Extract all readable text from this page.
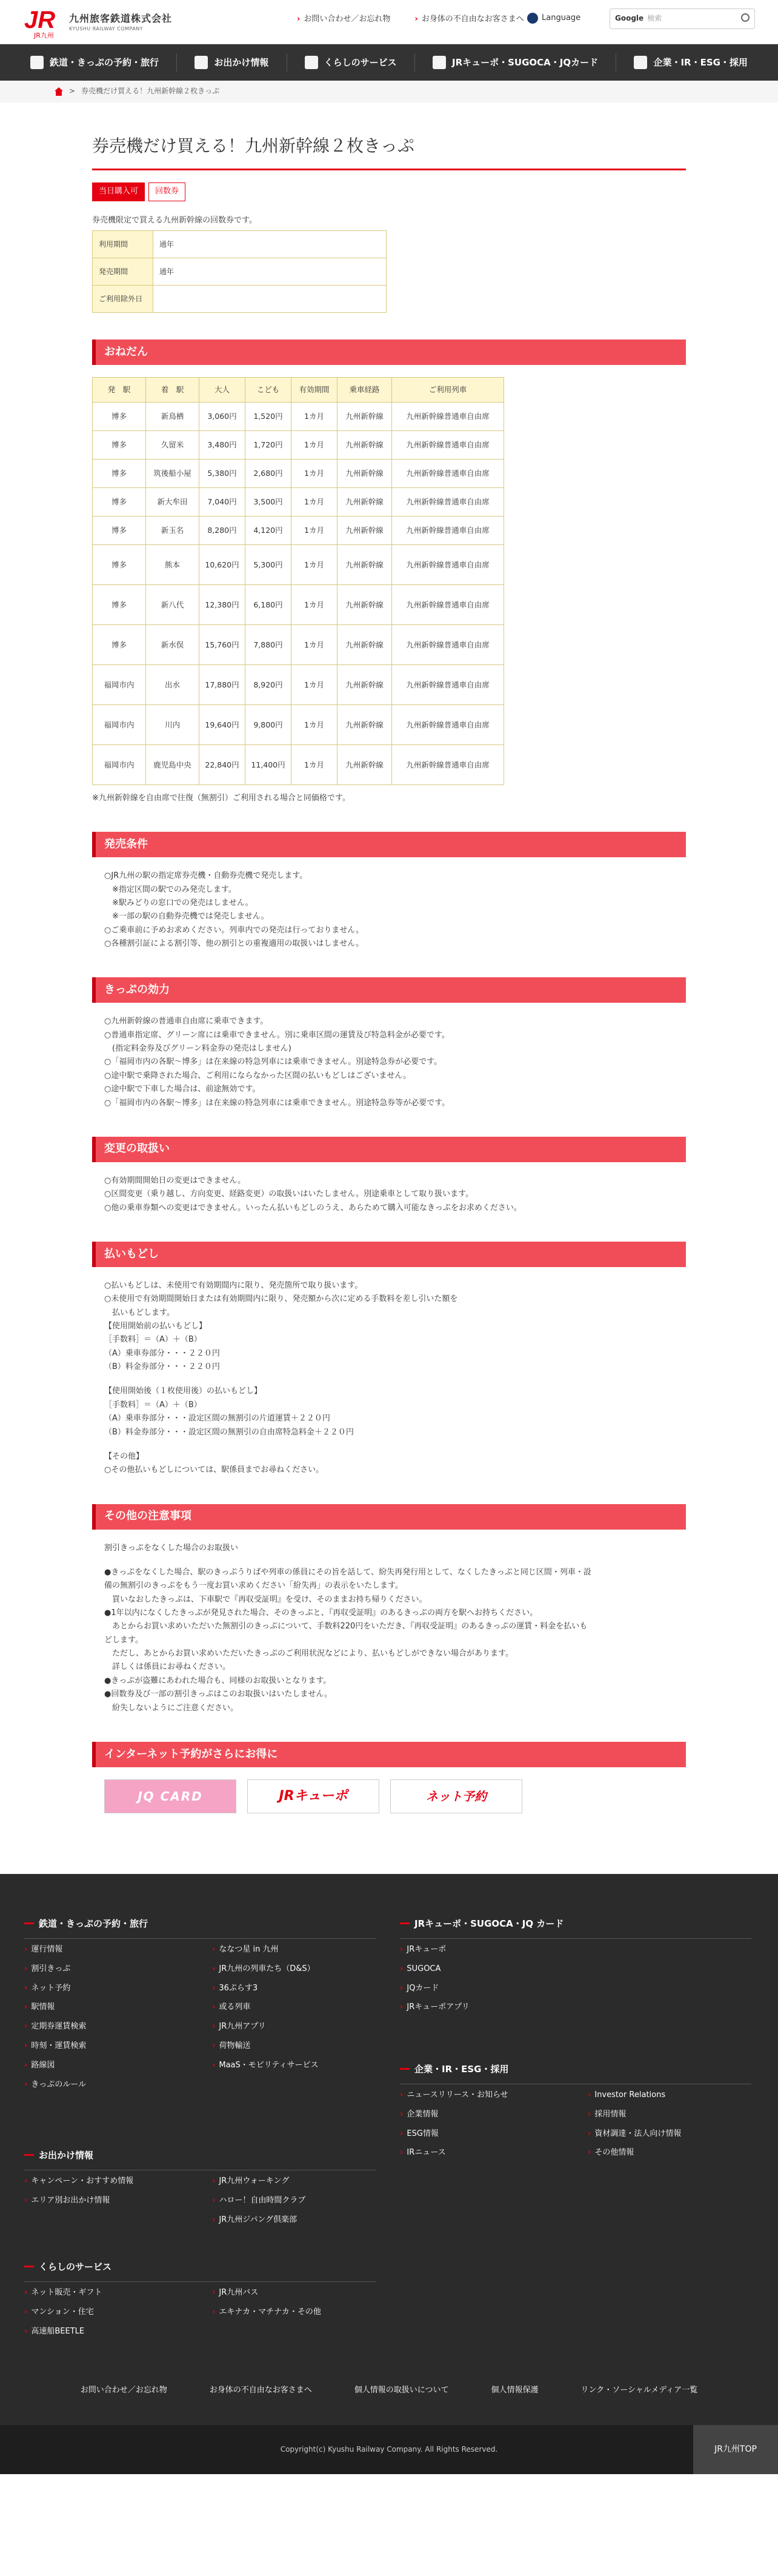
JR
JR九州
九州旅客鉄道株式会社
KYUSHU RAILWAY COMPANY
› お問い合わせ／お忘れ物	› お身体の不自由なお客さまへ Language	Google 検索
鉄道・きっぷの予約・旅行	お出かけ情報	くらしのサービス	JRキューポ・SUGOCA・JQカード	企業・IR・ESG・採用
> 券売機だけ買える！九州新幹線２枚きっぷ
券売機だけ買える！九州新幹線２枚きっぷ
当日購入可	回数券

券売機限定で買える九州新幹線の回数券です。

利用期間	通年
発売期間	通年
ご利用除外日	
おねだん
発　駅	着　駅	大人	こども	有効期間	乗車経路	ご利用列車
博多	新鳥栖	3,060円	1,520円	1カ月	九州新幹線	九州新幹線普通車自由席
博多	久留米	3,480円	1,720円	1カ月	九州新幹線	九州新幹線普通車自由席
博多	筑後船小屋	5,380円	2,680円	1カ月	九州新幹線	九州新幹線普通車自由席
博多	新大牟田	7,040円	3,500円	1カ月	九州新幹線	九州新幹線普通車自由席
博多	新玉名	8,280円	4,120円	1カ月	九州新幹線	九州新幹線普通車自由席
博多	熊本	10,620円	5,300円	1カ月	九州新幹線	九州新幹線普通車自由席
博多	新八代	12,380円	6,180円	1カ月	九州新幹線	九州新幹線普通車自由席
博多	新水俣	15,760円	7,880円	1カ月	九州新幹線	九州新幹線普通車自由席
福岡市内	出水	17,880円	8,920円	1カ月	九州新幹線	九州新幹線普通車自由席
福岡市内	川内	19,640円	9,800円	1カ月	九州新幹線	九州新幹線普通車自由席
福岡市内	鹿児島中央	22,840円	11,400円	1カ月	九州新幹線	九州新幹線普通車自由席

※九州新幹線を自由席で往復（無割引）ご利用される場合と同価格です。

発売条件

○JR九州の駅の指定席券売機・自動券売機で発売します。

　※指定区間の駅でのみ発売します。

　※駅みどりの窓口での発売はしません。

　※一部の駅の自動券売機では発売しません。

○ご乗車前に予めお求めください。列車内での発売は行っておりません。

○各種割引証による割引等、他の割引との重複適用の取扱いはしません。

きっぷの効力

○九州新幹線の普通車自由席に乗車できます。

○普通車指定席、グリーン席には乗車できません。別に乗車区間の運賃及び特急料金が必要です。

　(指定料金券及びグリーン料金券の発売はしません)

○「福岡市内の各駅〜博多」は在来線の特急列車には乗車できません。別途特急券が必要です。

○途中駅で乗降された場合、ご利用にならなかった区間の払いもどしはございません。

○途中駅で下車した場合は、前途無効です。

○「福岡市内の各駅〜博多」は在来線の特急列車には乗車できません。別途特急券等が必要です。

変更の取扱い

○有効期間開始日の変更はできません。

○区間変更（乗り越し、方向変更、経路変更）の取扱いはいたしません。別途乗車として取り扱います。

○他の乗車券類への変更はできません。いったん払いもどしのうえ、あらためて購入可能なきっぷをお求めください。

払いもどし

○払いもどしは、未使用で有効期間内に限り、発売箇所で取り扱います。

○未使用で有効期間開始日または有効期間内に限り、発売額から次に定める手数料を差し引いた額を

　払いもどします。

【使用開始前の払いもどし】

［手数料］＝（A）＋（B）

（A）乗車券部分・・・２２０円

（B）料金券部分・・・２２０円

【使用開始後（１枚使用後）の払いもどし】

［手数料］＝（A）＋（B）

（A）乗車券部分・・・設定区間の無割引の片道運賃＋２２０円

（B）料金券部分・・・設定区間の無割引の自由席特急料金＋２２０円

【その他】

○その他払いもどしについては、駅係員までお尋ねください。

その他の注意事項

割引きっぷをなくした場合のお取扱い

●きっぷをなくした場合、駅のきっぷうりばや列車の係員にその旨を話して、紛失再発行用として、なくしたきっぷと同じ区間・列車・設

備の無割引のきっぷをもう一度お買い求めください「紛失再」の表示をいたします。

　買いなおしたきっぷは、下車駅で『再収受証明』を受け、そのままお持ち帰りください。

●1年以内になくしたきっぷが発見された場合、そのきっぷと、『再収受証明』のあるきっぷの両方を駅へお持ちください。

　あとからお買い求めいただいた無割引のきっぷについて、手数料220円をいただき、『再収受証明』のあるきっぷの運賃・料金を払いも

どします。

　ただし、あとからお買い求めいただいたきっぷのご利用状況などにより、払いもどしができない場合があります。

　詳しくは係員にお尋ねください。

●きっぷが盗難にあわれた場合も、同様のお取扱いとなります。

●回数券及び一部の割引きっぷはこのお取扱いはいたしません。

　紛失しないようにご注意ください。

インターネット予約がさらにお得に
JQ CARD	JRキューポ	ネット予約
鉄道・きっぷの予約・旅行
› 運行情報	› ななつ星 in 九州
› 割引きっぷ	› JR九州の列車たち（D&S）
› ネット予約	› 36ぷらす3
› 駅情報	› 或る列車
› 定期券運賃検索	› JR九州アプリ
› 時刻・運賃検索	› 荷物輸送
› 路線図	› MaaS・モビリティサービス
› きっぷのルール
JRキューポ・SUGOCA・JQ カード
› JRキューポ
› SUGOCA
› JQカード
› JRキューポアプリ
企業・IR・ESG・採用
› ニュースリリース・お知らせ	› Investor Relations
› 企業情報	› 採用情報
› ESG情報	› 資材調達・法人向け情報
› IRニュース	› その他情報
お出かけ情報
› キャンペーン・おすすめ情報	› JR九州ウォーキング
› エリア別お出かけ情報	› ハロー！自由時間クラブ
› JR九州ジパング倶楽部
くらしのサービス
› ネット販売・ギフト	› JR九州バス
› マンション・住宅	› エキナカ・マチナカ・その他
› 高速船BEETLE
お問い合わせ／お忘れ物	お身体の不自由なお客さまへ	個人情報の取扱いについて	個人情報保護	リンク・ソーシャルメディア一覧
Copyright(c) Kyushu Railway Company. All Rights Reserved.	JR九州TOP
